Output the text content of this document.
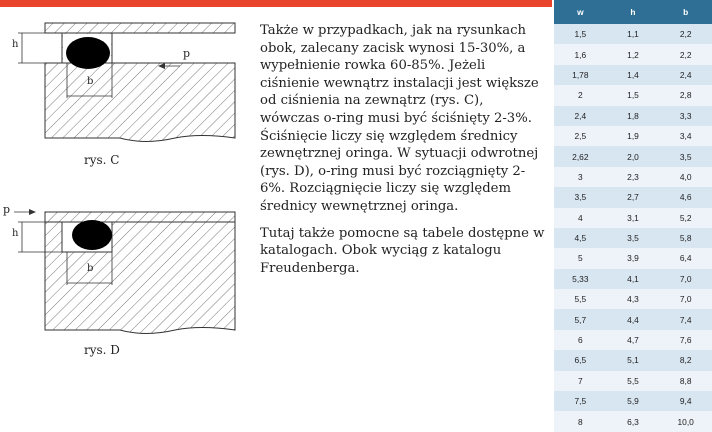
h
b
p
rys. C
h
b
p
rys. D

Także w przypadkach, jak na rysunkach obok, zalecany zacisk wynosi 15-30%, a wypełnienie rowka 60-85%. Jeżeli ciśnienie wewnątrz instalacji jest większe od ciśnienia na zewnątrz (rys. C), wówczas o-ring musi być ściśnięty 2-3%. Ściśnięcie liczy się względem średnicy zewnętrznej oringa. W sytuacji odwrotnej (rys. D), o-ring musi być rozciągnięty 2-6%. Rozciągnięcie liczy się względem średnicy wewnętrznej oringa.

Tutaj także pomocne są tabele dostępne w katalogach. Obok wyciąg z katalogu Freudenberga.

w	h	b
1,5	1,1	2,2
1,6	1,2	2,2
1,78	1,4	2,4
2	1,5	2,8
2,4	1,8	3,3
2,5	1,9	3,4
2,62	2,0	3,5
3	2,3	4,0
3,5	2,7	4,6
4	3,1	5,2
4,5	3,5	5,8
5	3,9	6,4
5,33	4,1	7,0
5,5	4,3	7,0
5,7	4,4	7,4
6	4,7	7,6
6,5	5,1	8,2
7	5,5	8,8
7,5	5,9	9,4
8	6,3	10,0
